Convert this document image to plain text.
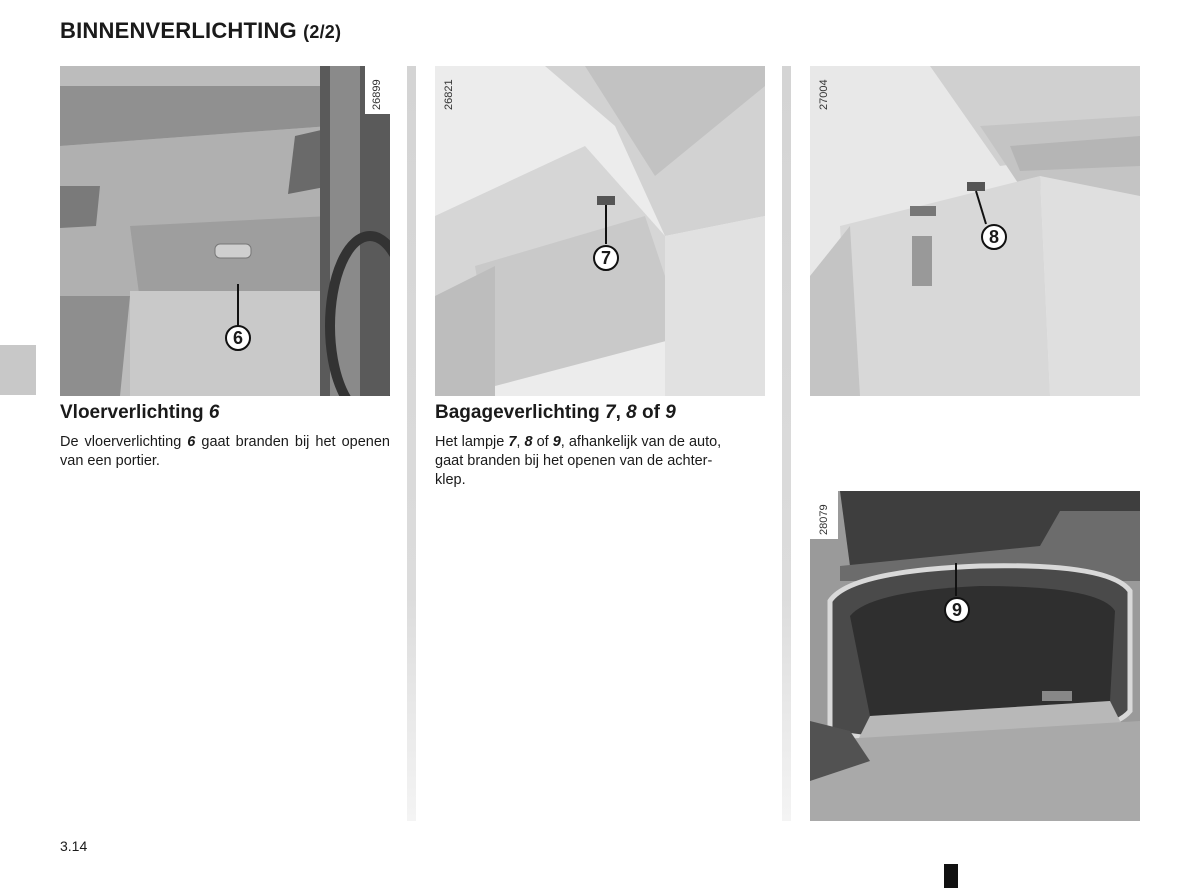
BINNENVERLICHTING (2/2)
26899
6
26821
7
27004
8
28079
9
Vloerverlichting 6
De vloerverlichting 6 gaat branden bij het openen van een portier.
Bagageverlichting 7, 8 of 9
Het lampje 7, 8 of 9, afhankelijk van de auto,
gaat branden bij het openen van de achter-
klep.
3.14
